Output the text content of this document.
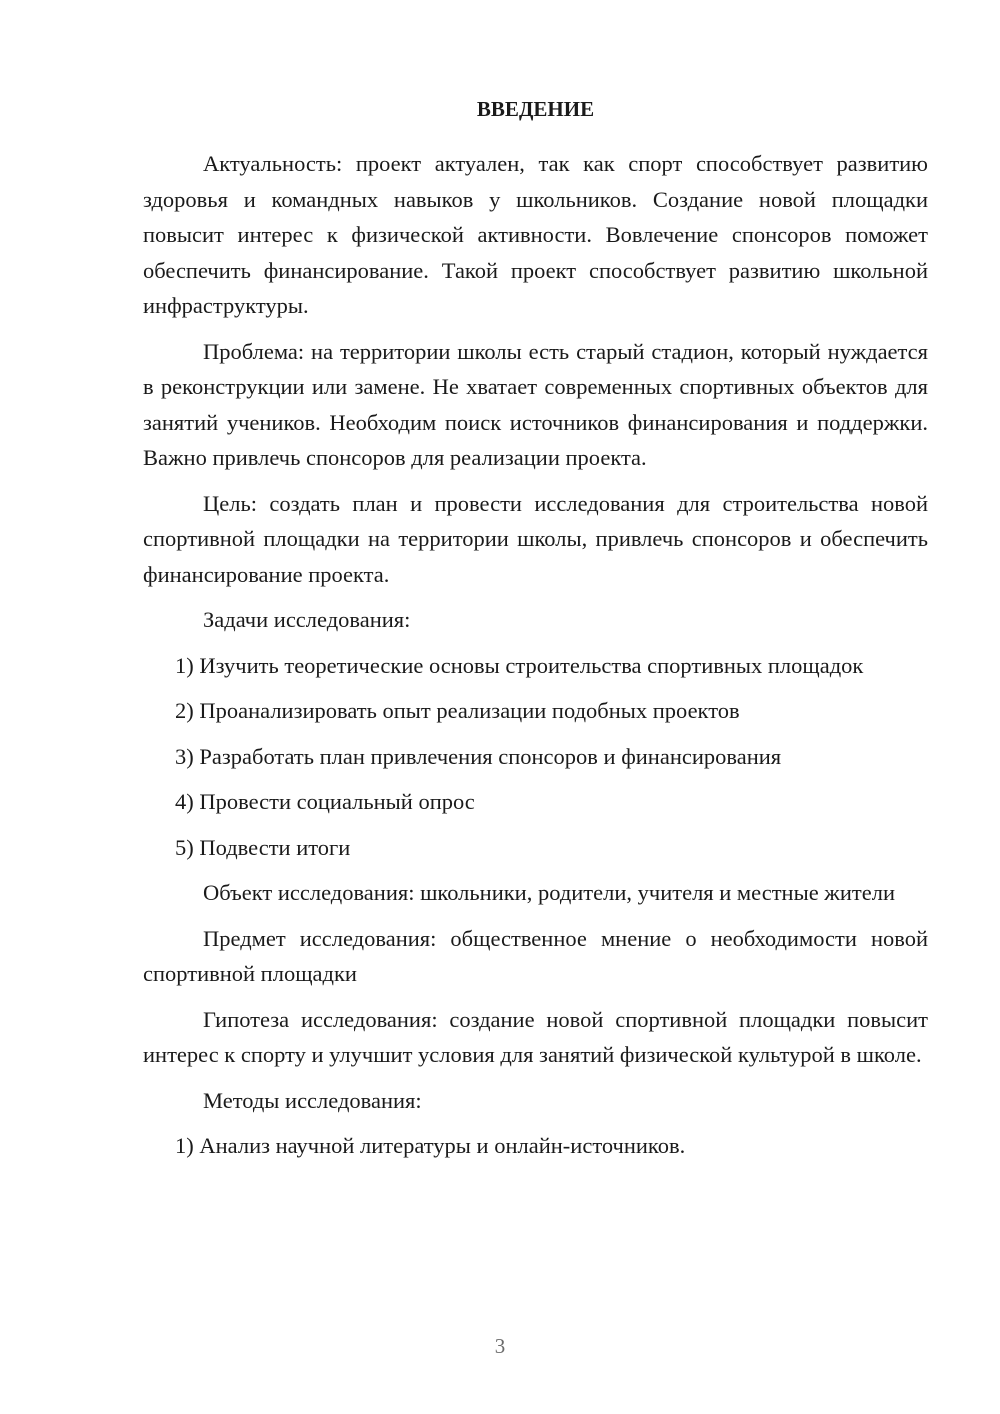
ВВЕДЕНИЕ

Актуальность: проект актуален, так как спорт способствует развитию здоровья и командных навыков у школьников. Создание новой площадки повысит интерес к физической активности. Вовлечение спонсоров поможет обеспечить финансирование. Такой проект способствует развитию школьной инфраструктуры.

Проблема: на территории школы есть старый стадион, который нуждается в реконструкции или замене. Не хватает современных спортивных объектов для занятий учеников. Необходим поиск источников финансирования и поддержки. Важно привлечь спонсоров для реализации проекта.

Цель: создать план и провести исследования для строительства новой спортивной площадки на территории школы, привлечь спонсоров и обеспечить финансирование проекта.

Задачи исследования:

1) Изучить теоретические основы строительства спортивных площадок

2) Проанализировать опыт реализации подобных проектов

3) Разработать план привлечения спонсоров и финансирования

4) Провести социальный опрос

5) Подвести итоги

Объект исследования: школьники, родители, учителя и местные жители

Предмет исследования: общественное мнение о необходимости новой спортивной площадки

Гипотеза исследования: создание новой спортивной площадки повысит интерес к спорту и улучшит условия для занятий физической культурой в школе.

Методы исследования:

1) Анализ научной литературы и онлайн-источников.

3
